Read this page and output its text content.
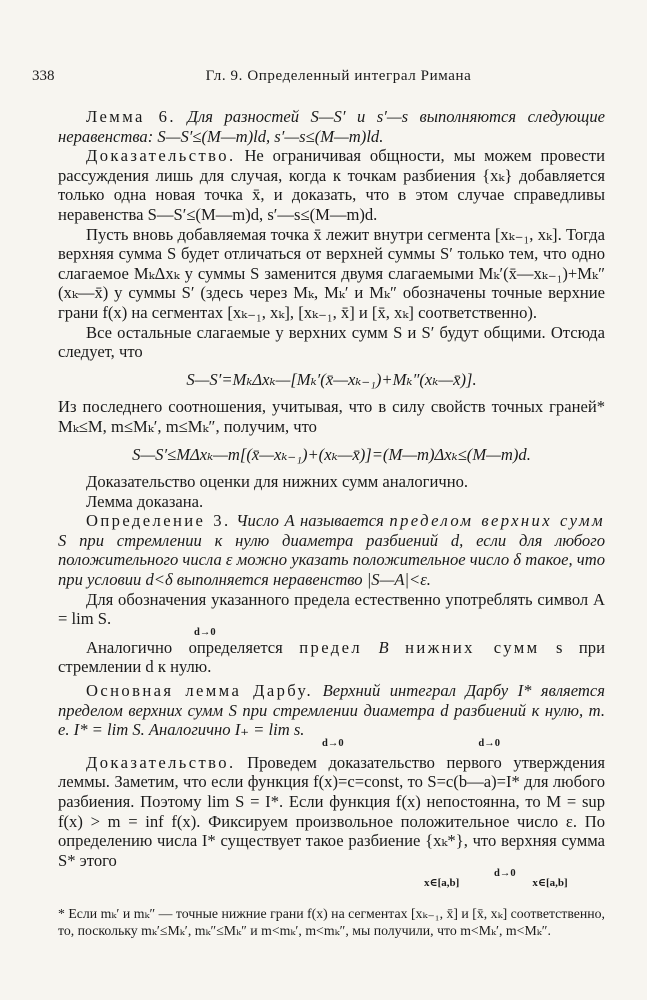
338	Гл. 9. Определенный интеграл Римана
Лемма 6. Для разностей S—S′ и s′—s выполняются следующие неравенства: S—S′≤(M—m)ld, s′—s≤(M—m)ld.
Доказательство. Не ограничивая общности, мы можем провести рассуждения лишь для случая, когда к точкам разбиения {xₖ} добавляется только одна новая точка x̄, и доказать, что в этом случае справедливы неравенства S—S′≤(M—m)d, s′—s≤(M—m)d.
Пусть вновь добавляемая точка x̄ лежит внутри сегмента [xₖ₋₁, xₖ]. Тогда верхняя сумма S будет отличаться от верхней суммы S′ только тем, что одно слагаемое MₖΔxₖ у суммы S заменится двумя слагаемыми Mₖ′(x̄—xₖ₋₁)+Mₖ″(xₖ—x̄) у суммы S′ (здесь через Mₖ, Mₖ′ и Mₖ″ обозначены точные верхние грани f(x) на сегментах [xₖ₋₁, xₖ], [xₖ₋₁, x̄] и [x̄, xₖ] соответственно).
Все остальные слагаемые у верхних сумм S и S′ будут общими. Отсюда следует, что
S—S′=MₖΔxₖ—[Mₖ′(x̄—xₖ₋₁)+Mₖ″(xₖ—x̄)].
Из последнего соотношения, учитывая, что в силу свойств точных граней* Mₖ≤M, m≤Mₖ′, m≤Mₖ″, получим, что
S—S′≤MΔxₖ—m[(x̄—xₖ₋₁)+(xₖ—x̄)]=(M—m)Δxₖ≤(M—m)d.
Доказательство оценки для нижних сумм аналогично.
Лемма доказана.
Определение 3. Число A называется пределом верхних сумм S при стремлении к нулю диаметра разбиений d, если для любого положительного числа ε можно указать положительное число δ такое, что при условии d<δ выполняется неравенство |S—A|<ε.
Для обозначения указанного предела естественно употреблять символ A = lim S.
d→0
Аналогично определяется предел B нижних сумм s при стремлении d к нулю.
Основная лемма Дарбу. Верхний интеграл Дарбу I* является пределом верхних сумм S при стремлении диаметра d разбиений к нулю, т. е. I* = lim S. Аналогично I₊ = lim s.
d→0	d→0
Доказательство. Проведем доказательство первого утверждения леммы. Заметим, что если функция f(x)=c=const, то S=c(b—a)=I* для любого разбиения. Поэтому lim S = I*. Если функция f(x) непостоянна, то M = sup f(x) > m = inf f(x). Фиксируем произвольное положительное число ε. По определению числа I* существует такое разбиение {xₖ*}, что верхняя сумма S* этого
d→0
x∈[a,b]	x∈[a,b]
* Если mₖ′ и mₖ″ — точные нижние грани f(x) на сегментах [xₖ₋₁, x̄] и [x̄, xₖ] соответственно, то, поскольку mₖ′≤Mₖ′, mₖ″≤Mₖ″ и m<mₖ′, m<mₖ″, мы получили, что m<Mₖ′, m<Mₖ″.
